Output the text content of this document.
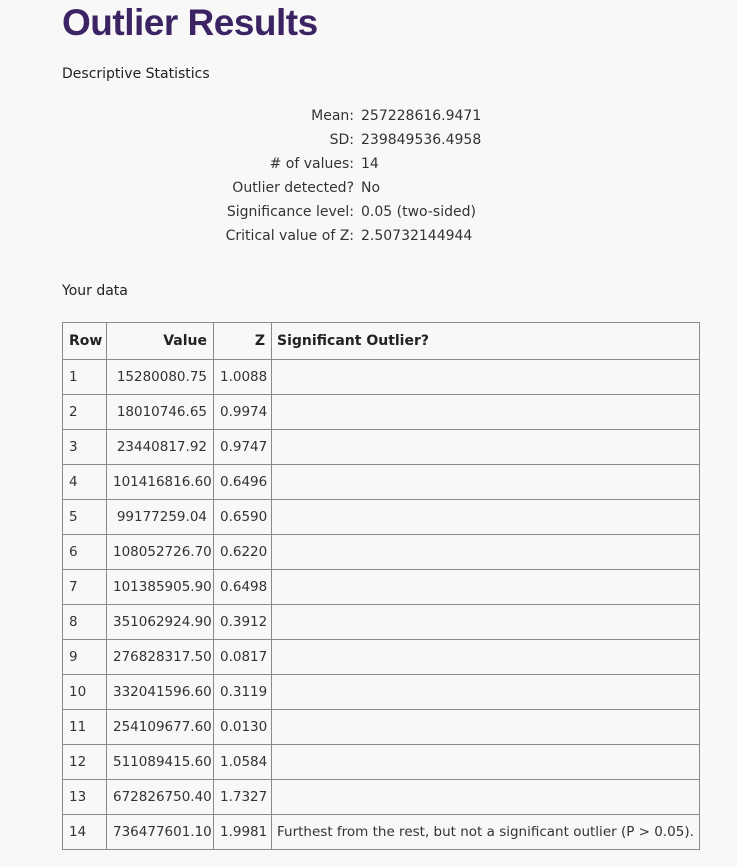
Outlier Results
Descriptive Statistics
Mean:	257228616.9471
SD:	239849536.4958
# of values:	14
Outlier detected?	No
Significance level:	0.05 (two-sided)
Critical value of Z:	2.50732144944
Your data
Row	Value	Z	Significant Outlier?
1	15280080.75	1.0088	
2	18010746.65	0.9974	
3	23440817.92	0.9747	
4	101416816.60	0.6496	
5	99177259.04	0.6590	
6	108052726.70	0.6220	
7	101385905.90	0.6498	
8	351062924.90	0.3912	
9	276828317.50	0.0817	
10	332041596.60	0.3119	
11	254109677.60	0.0130	
12	511089415.60	1.0584	
13	672826750.40	1.7327	
14	736477601.10	1.9981	Furthest from the rest, but not a significant outlier (P > 0.05).
